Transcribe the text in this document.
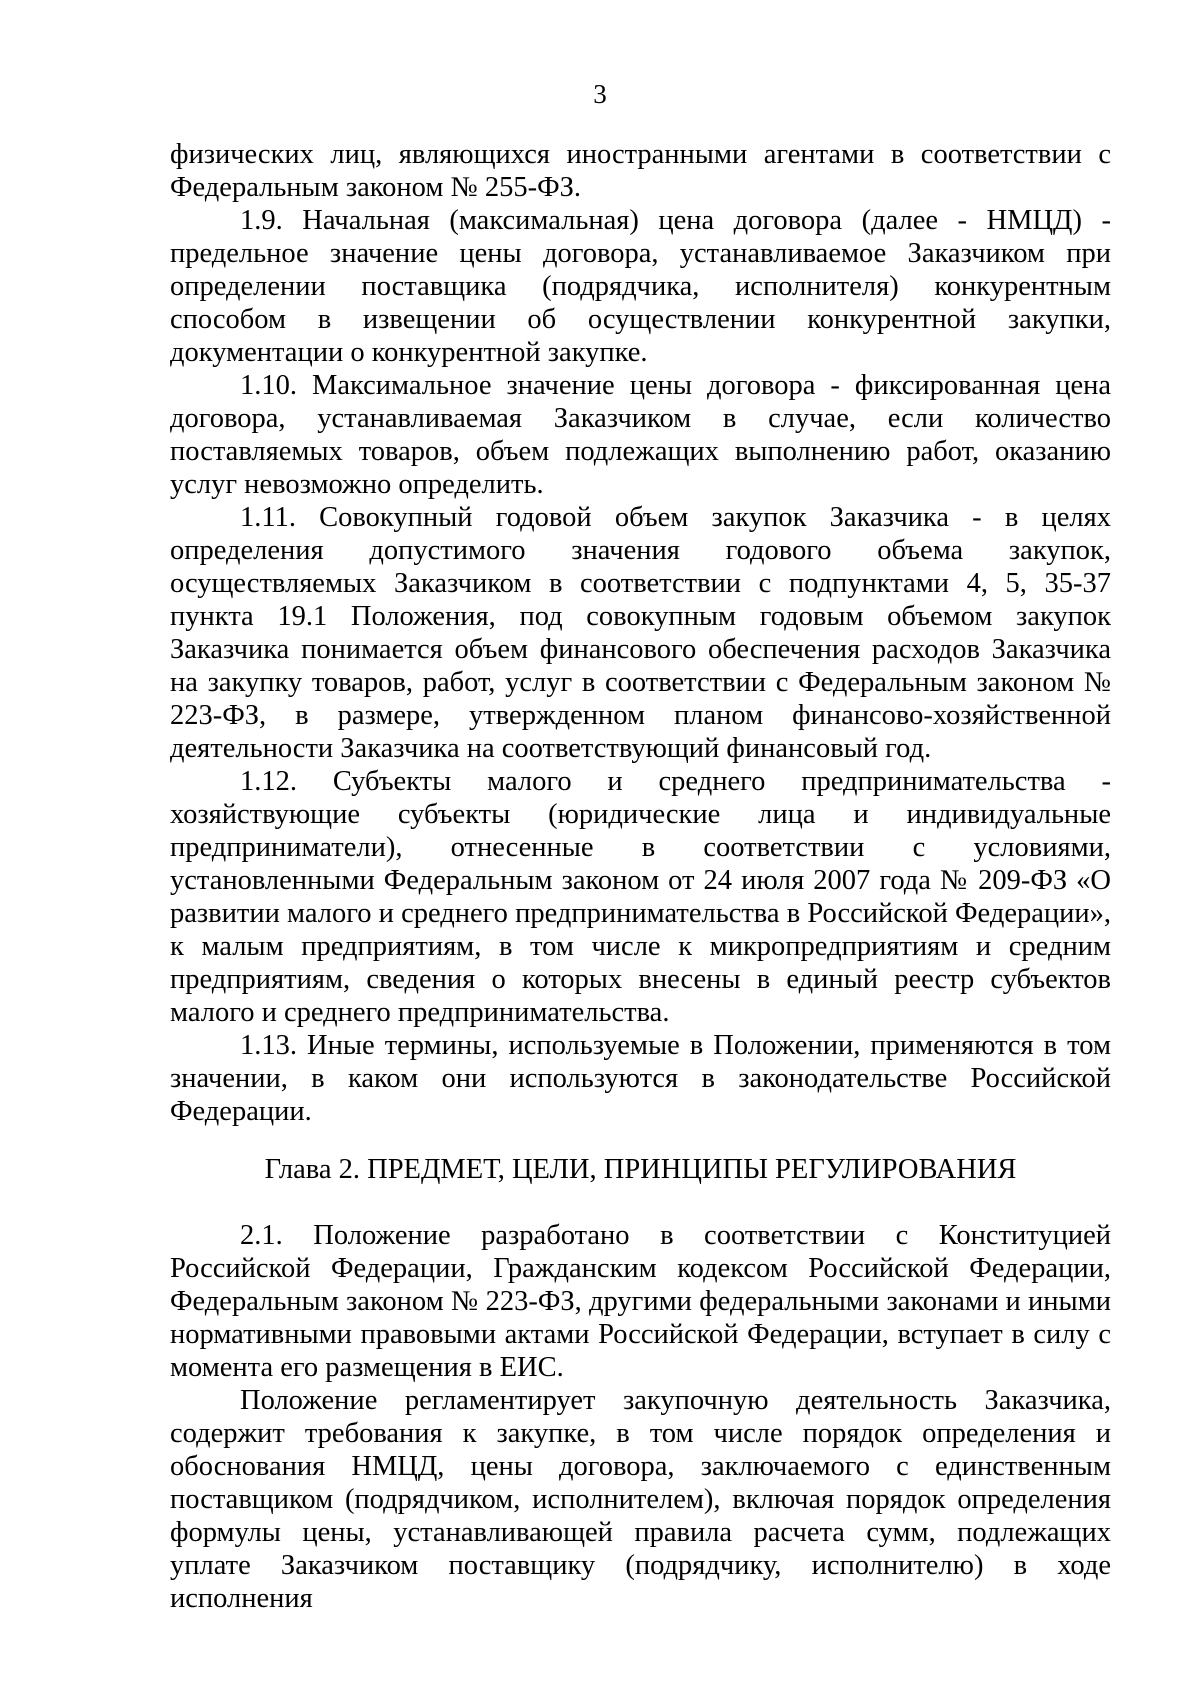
3

физических лиц, являющихся иностранными агентами в соответствии с Федеральным законом № 255-ФЗ.

1.9. Начальная (максимальная) цена договора (далее - НМЦД) - предельное значение цены договора, устанавливаемое Заказчиком при определении поставщика (подрядчика, исполнителя) конкурентным способом в извещении об осуществлении конкурентной закупки, документации о конкурентной закупке.

1.10. Максимальное значение цены договора - фиксированная цена договора, устанавливаемая Заказчиком в случае, если количество поставляемых товаров, объем подлежащих выполнению работ, оказанию услуг невозможно определить.

1.11. Совокупный годовой объем закупок Заказчика - в целях определения допустимого значения годового объема закупок, осуществляемых Заказчиком в соответствии с подпунктами 4, 5, 35-37 пункта 19.1 Положения, под совокупным годовым объемом закупок Заказчика понимается объем финансового обеспечения расходов Заказчика на закупку товаров, работ, услуг в соответствии с Федеральным законом № 223-ФЗ, в размере, утвержденном планом финансово-хозяйственной деятельности Заказчика на соответствующий финансовый год.

1.12. Субъекты малого и среднего предпринимательства - хозяйствующие субъекты (юридические лица и индивидуальные предприниматели), отнесенные в соответствии с условиями, установленными Федеральным законом от 24 июля 2007 года № 209-ФЗ «О развитии малого и среднего предпринимательства в Российской Федерации», к малым предприятиям, в том числе к микропредприятиям и средним предприятиям, сведения о которых внесены в единый реестр субъектов малого и среднего предпринимательства.

1.13. Иные термины, используемые в Положении, применяются в том значении, в каком они используются в законодательстве Российской Федерации.

Глава 2. ПРЕДМЕТ, ЦЕЛИ, ПРИНЦИПЫ РЕГУЛИРОВАНИЯ

2.1. Положение разработано в соответствии с Конституцией Российской Федерации, Гражданским кодексом Российской Федерации, Федеральным законом № 223-ФЗ, другими федеральными законами и иными нормативными правовыми актами Российской Федерации, вступает в силу с момента его размещения в ЕИС.

Положение регламентирует закупочную деятельность Заказчика, содержит требования к закупке, в том числе порядок определения и обоснования НМЦД, цены договора, заключаемого с единственным поставщиком (подрядчиком, исполнителем), включая порядок определения формулы цены, устанавливающей правила расчета сумм, подлежащих уплате Заказчиком поставщику (подрядчику, исполнителю) в ходе исполнения
